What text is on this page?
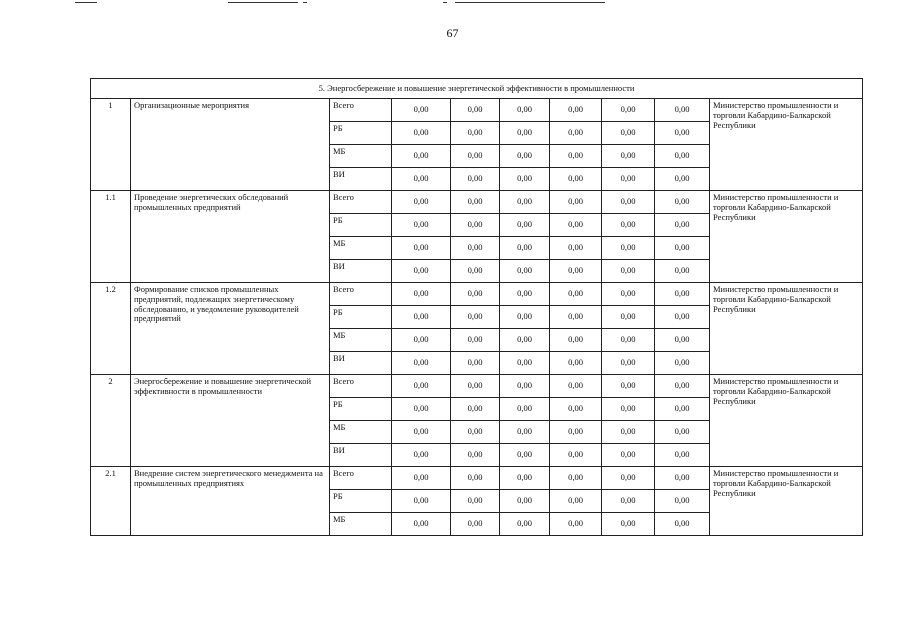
67
5. Энергосбережение и повышение энергетической эффективности в промышленности									
1	Организационные мероприятия	Всего	0,00	0,00	0,00	0,00	0,00	0,00	Министерство промышленности и торговли Кабардино-Балкарской Республики
		РБ	0,00	0,00	0,00	0,00	0,00	0,00	
		МБ	0,00	0,00	0,00	0,00	0,00	0,00	
		ВИ	0,00	0,00	0,00	0,00	0,00	0,00	
1.1	Проведение энергетических обследований промышленных предприятий	Всего	0,00	0,00	0,00	0,00	0,00	0,00	Министерство промышленности и торговли Кабардино-Балкарской Республики
		РБ	0,00	0,00	0,00	0,00	0,00	0,00	
		МБ	0,00	0,00	0,00	0,00	0,00	0,00	
		ВИ	0,00	0,00	0,00	0,00	0,00	0,00	
1.2	Формирование списков промышленных предприятий, подлежащих энергетическому обследованию, и уведомление руководителей предприятий	Всего	0,00	0,00	0,00	0,00	0,00	0,00	Министерство промышленности и торговли Кабардино-Балкарской Республики
		РБ	0,00	0,00	0,00	0,00	0,00	0,00	
		МБ	0,00	0,00	0,00	0,00	0,00	0,00	
		ВИ	0,00	0,00	0,00	0,00	0,00	0,00	
2	Энергосбережение и повышение энергетической эффективности в промышленности	Всего	0,00	0,00	0,00	0,00	0,00	0,00	Министерство промышленности и торговли Кабардино-Балкарской Республики
		РБ	0,00	0,00	0,00	0,00	0,00	0,00	
		МБ	0,00	0,00	0,00	0,00	0,00	0,00	
		ВИ	0,00	0,00	0,00	0,00	0,00	0,00	
2.1	Внедрение систем энергетического менеджмента на промышленных предприятиях	Всего	0,00	0,00	0,00	0,00	0,00	0,00	Министерство промышленности и торговли Кабардино-Балкарской Республики
		РБ	0,00	0,00	0,00	0,00	0,00	0,00	
		МБ	0,00	0,00	0,00	0,00	0,00	0,00	
